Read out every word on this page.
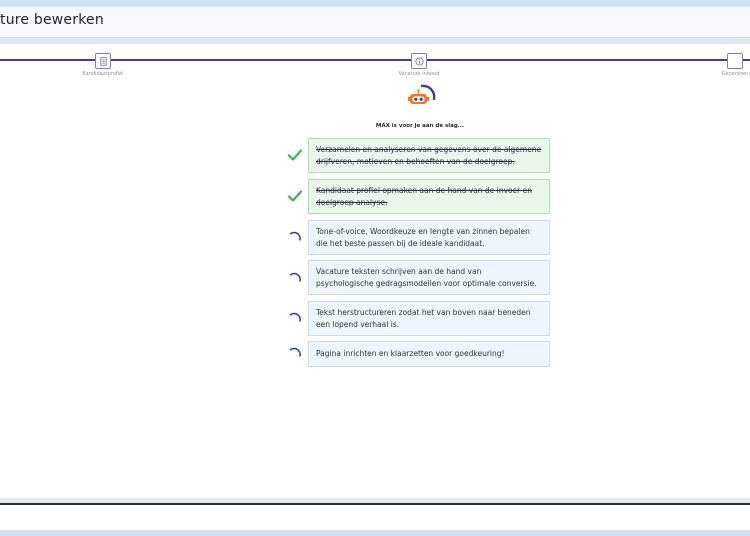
ture bewerken
Kandidaatprofiel	Vacature inhoud	Genereren
MAX is voor je aan de slag...
Verzamelen en analyseren van gegevens over de algemene
drijfveren, motieven en behoeften van de doelgroep.
Kandidaat profiel opmaken aan de hand van de invoer en
doelgroep analyse.
Tone-of-voice, Woordkeuze en lengte van zinnen bepalen
die het beste passen bij de ideale kandidaat.
Vacature teksten schrijven aan de hand van
psychologische gedragsmodellen voor optimale conversie.
Tekst herstructureren zodat het van boven naar beneden
een lopend verhaal is.
Pagina inrichten en klaarzetten voor goedkeuring!
